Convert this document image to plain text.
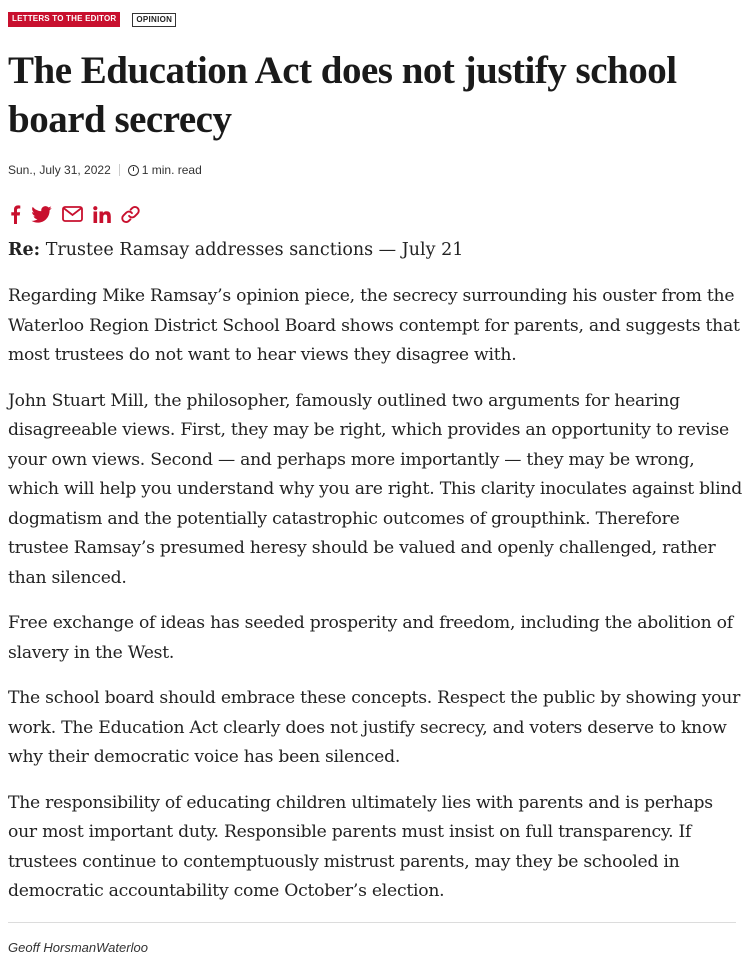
LETTERS TO THE EDITOR	OPINION
The Education Act does not justify school board secrecy
Sun., July 31, 2022	1 min. read

Re: Trustee Ramsay addresses sanctions — July 21

Regarding Mike Ramsay’s opinion piece, the secrecy surrounding his ouster from the Waterloo Region District School Board shows contempt for parents, and suggests that most trustees do not want to hear views they disagree with.

John Stuart Mill, the philosopher, famously outlined two arguments for hearing disagreeable views. First, they may be right, which provides an opportunity to revise your own views. Second — and perhaps more importantly — they may be wrong, which will help you understand why you are right. This clarity inoculates against blind dogmatism and the potentially catastrophic outcomes of groupthink. Therefore trustee Ramsay’s presumed heresy should be valued and openly challenged, rather than silenced.

Free exchange of ideas has seeded prosperity and freedom, including the abolition of slavery in the West.

The school board should embrace these concepts. Respect the public by showing your work. The Education Act clearly does not justify secrecy, and voters deserve to know why their democratic voice has been silenced.

The responsibility of educating children ultimately lies with parents and is perhaps our most important duty. Responsible parents must insist on full transparency. If trustees continue to contemptuously mistrust parents, may they be schooled in democratic accountability come October’s election.

Geoff HorsmanWaterloo
